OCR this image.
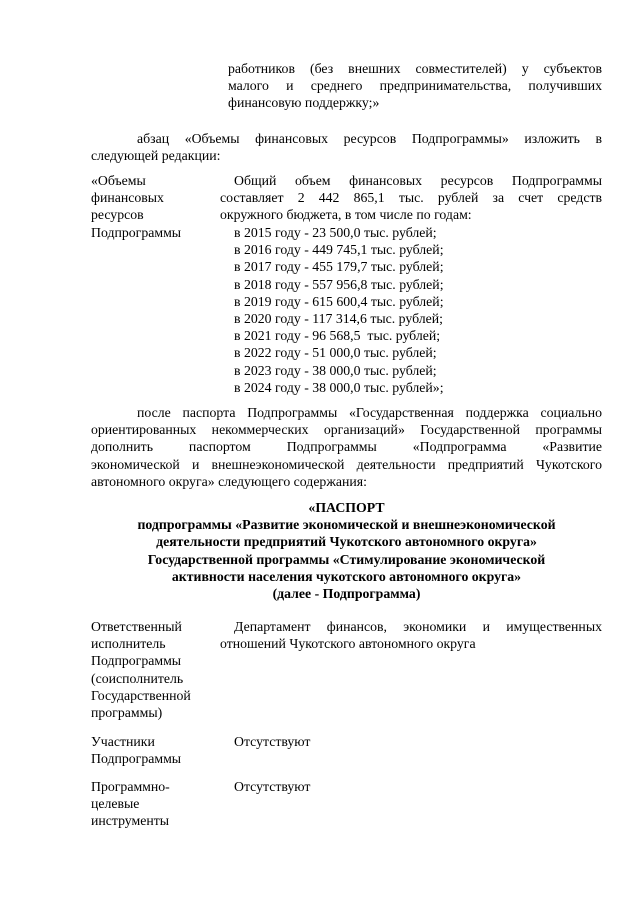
работников (без внешних совместителей) у субъектов
малого и среднего предпринимательства, получивших
финансовую поддержку;»
абзац «Объемы финансовых ресурсов Подпрограммы» изложить в
следующей редакции:
«Объемы
финансовых
ресурсов
Подпрограммы
Общий объем финансовых ресурсов Подпрограммы
составляет 2 442 865,1 тыс. рублей за счет средств
окружного бюджета, в том числе по годам:
в 2015 году - 23 500,0 тыс. рублей;
в 2016 году - 449 745,1 тыс. рублей;
в 2017 году - 455 179,7 тыс. рублей;
в 2018 году - 557 956,8 тыс. рублей;
в 2019 году - 615 600,4 тыс. рублей;
в 2020 году - 117 314,6 тыс. рублей;
в 2021 году - 96 568,5  тыс. рублей;
в 2022 году - 51 000,0 тыс. рублей;
в 2023 году - 38 000,0 тыс. рублей;
в 2024 году - 38 000,0 тыс. рублей»;
после паспорта Подпрограммы «Государственная поддержка социально
ориентированных некоммерческих организаций» Государственной программы
дополнить паспортом Подпрограммы «Подпрограмма «Развитие
экономической и внешнеэкономической деятельности предприятий Чукотского
автономного округа» следующего содержания:
«ПАСПОРТ
подпрограммы «Развитие экономической и внешнеэкономической
деятельности предприятий Чукотского автономного округа»
Государственной программы «Стимулирование экономической
активности населения чукотского автономного округа»
(далее - Подпрограмма)
Ответственный
исполнитель
Подпрограммы
(соисполнитель
Государственной
программы)
Департамент финансов, экономики и имущественных
отношений Чукотского автономного округа
Участники
Подпрограммы
Отсутствуют
Программно-
целевые
инструменты
Отсутствуют
